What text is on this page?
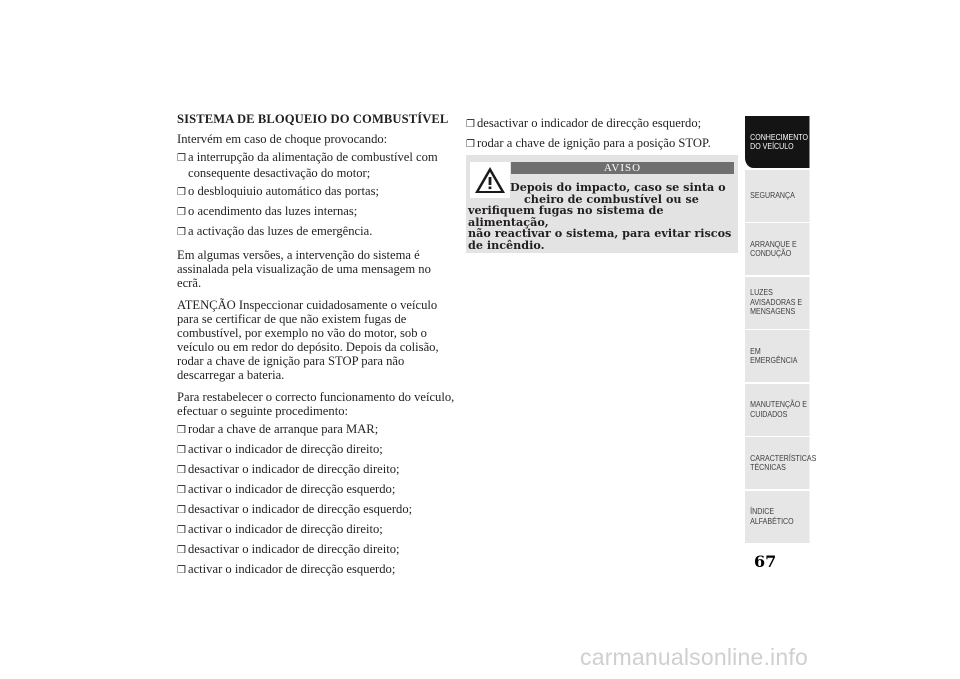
SISTEMA DE BLOQUEIO DO COMBUSTÍVEL
Intervém em caso de choque provocando:
❒ a interrupção da alimentação de combustível com consequente desactivação do motor;
❒ o desbloquiuio automático das portas;
❒ o acendimento das luzes internas;
❒ a activação das luzes de emergência.
Em algumas versões, a intervenção do sistema é assinalada pela visualização de uma mensagem no ecrã.
ATENÇÃO Inspeccionar cuidadosamente o veículo para se certificar de que não existem fugas de combustível, por exemplo no vão do motor, sob o veículo ou em redor do depósito. Depois da colisão, rodar a chave de ignição para STOP para não descarregar a bateria.
Para restabelecer o correcto funcionamento do veículo, efectuar o seguinte procedimento:
❒ rodar a chave de arranque para MAR;
❒ activar o indicador de direcção direito;
❒ desactivar o indicador de direcção direito;
❒ activar o indicador de direcção esquerdo;
❒ desactivar o indicador de direcção esquerdo;
❒ activar o indicador de direcção direito;
❒ desactivar o indicador de direcção direito;
❒ activar o indicador de direcção esquerdo;
❒ desactivar o indicador de direcção esquerdo;
❒ rodar a chave de ignição para a posição STOP.
AVISO
Depois do impacto, caso se sinta o
cheiro de combustível ou se
verifiquem fugas no sistema de alimentação,
não reactivar o sistema, para evitar riscos
de incêndio.
CONHECIMENTO DO VEÍCULO
SEGURANÇA
ARRANQUE E CONDUÇÃO
LUZES AVISADORAS E MENSAGENS
EM EMERGÊNCIA
MANUTENÇÃO E CUIDADOS
CARACTERÍSTICAS TÉCNICAS
ÍNDICE ALFABÉTICO
67
carmanualsonline.info
